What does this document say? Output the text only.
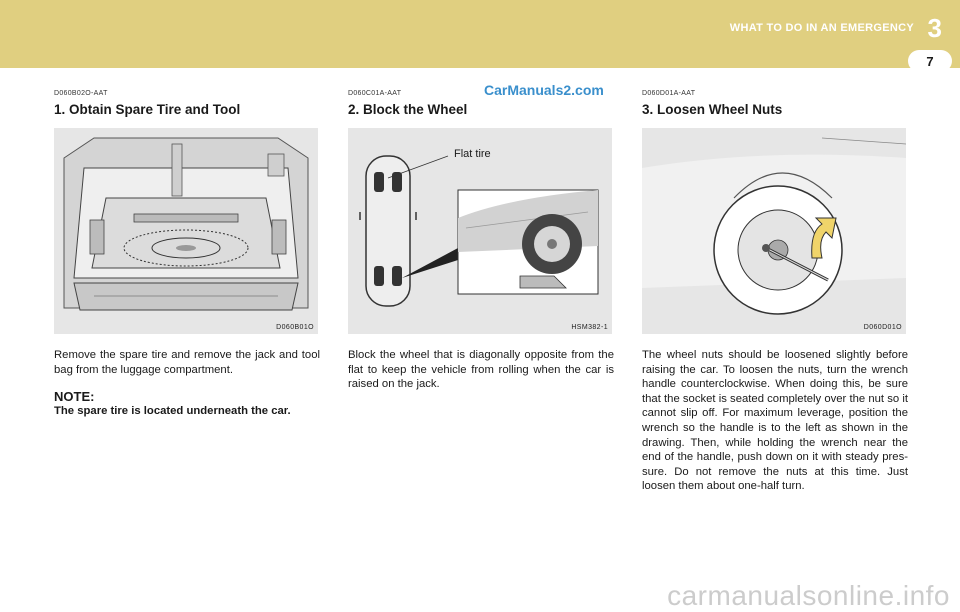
WHAT TO DO IN AN EMERGENCY 3
7
CarManuals2.com
D060B02O-AAT
1. Obtain Spare Tire and Tool
D060B01O
Remove the spare tire and remove the jack and tool bag from the luggage compartment.
NOTE:
The spare tire is located underneath the car.
D060C01A-AAT
2. Block the Wheel
Flat tire
HSM382-1
Block the wheel that is diagonally opposite from the flat to keep the vehicle from rolling when the car is raised on the jack.
D060D01A-AAT
3. Loosen Wheel Nuts
D060D01O
The wheel nuts should be loosened slightly before raising the car. To loosen the nuts, turn the wrench handle counterclockwise. When doing this, be sure that the socket is seated completely over the nut so it cannot slip off. For maximum leverage, position the wrench so the handle is to the left as shown in the drawing. Then, while holding the wrench near the end of the handle, push down on it with steady pres-sure. Do not remove the nuts at this time. Just loosen them about one-half turn.
carmanualsonline.info
